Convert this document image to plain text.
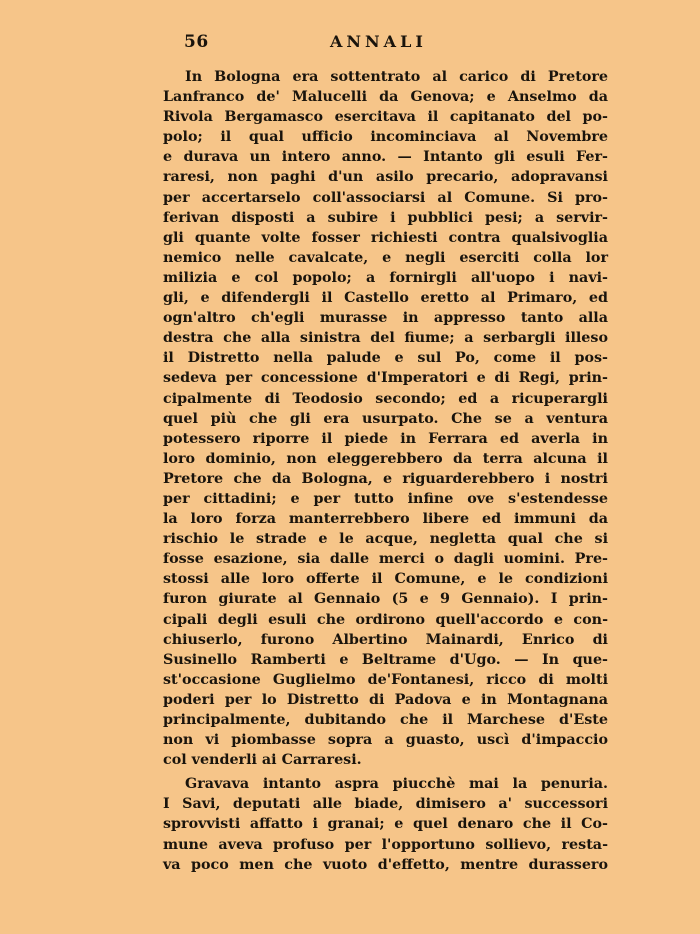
56	ANNALI
In Bologna era sottentrato al carico di Pretore
Lanfranco de' Malucelli da Genova; e Anselmo da
Rivola Bergamasco esercitava il capitanato del po-
polo; il qual ufficio incominciava al Novembre
e durava un intero anno. — Intanto gli esuli Fer-
raresi, non paghi d'un asilo precario, adopravansi
per accertarselo coll'associarsi al Comune. Si pro-
ferivan disposti a subire i pubblici pesi; a servir-
gli quante volte fosser richiesti contra qualsivoglia
nemico nelle cavalcate, e negli eserciti colla lor
milizia e col popolo; a fornirgli all'uopo i navi-
gli, e difendergli il Castello eretto al Primaro, ed
ogn'altro ch'egli murasse in appresso tanto alla
destra che alla sinistra del fiume; a serbargli illeso
il Distretto nella palude e sul Po, come il pos-
sedeva per concessione d'Imperatori e di Regi, prin-
cipalmente di Teodosio secondo; ed a ricuperargli
quel più che gli era usurpato. Che se a ventura
potessero riporre il piede in Ferrara ed averla in
loro dominio, non eleggerebbero da terra alcuna il
Pretore che da Bologna, e riguarderebbero i nostri
per cittadini; e per tutto infine ove s'estendesse
la loro forza manterrebbero libere ed immuni da
rischio le strade e le acque, negletta qual che si
fosse esazione, sia dalle merci o dagli uomini. Pre-
stossi alle loro offerte il Comune, e le condizioni
furon giurate al Gennaio (5 e 9 Gennaio). I prin-
cipali degli esuli che ordirono quell'accordo e con-
chiuserlo, furono Albertino Mainardi, Enrico di
Susinello Ramberti e Beltrame d'Ugo. — In que-
st'occasione Guglielmo de'Fontanesi, ricco di molti
poderi per lo Distretto di Padova e in Montagnana
principalmente, dubitando che il Marchese d'Este
non vi piombasse sopra a guasto, uscì d'impaccio
col venderli ai Carraresi.
Gravava intanto aspra piucchè mai la penuria.
I Savi, deputati alle biade, dimisero a' successori
sprovvisti affatto i granai; e quel denaro che il Co-
mune aveva profuso per l'opportuno sollievo, resta-
va poco men che vuoto d'effetto, mentre durassero
